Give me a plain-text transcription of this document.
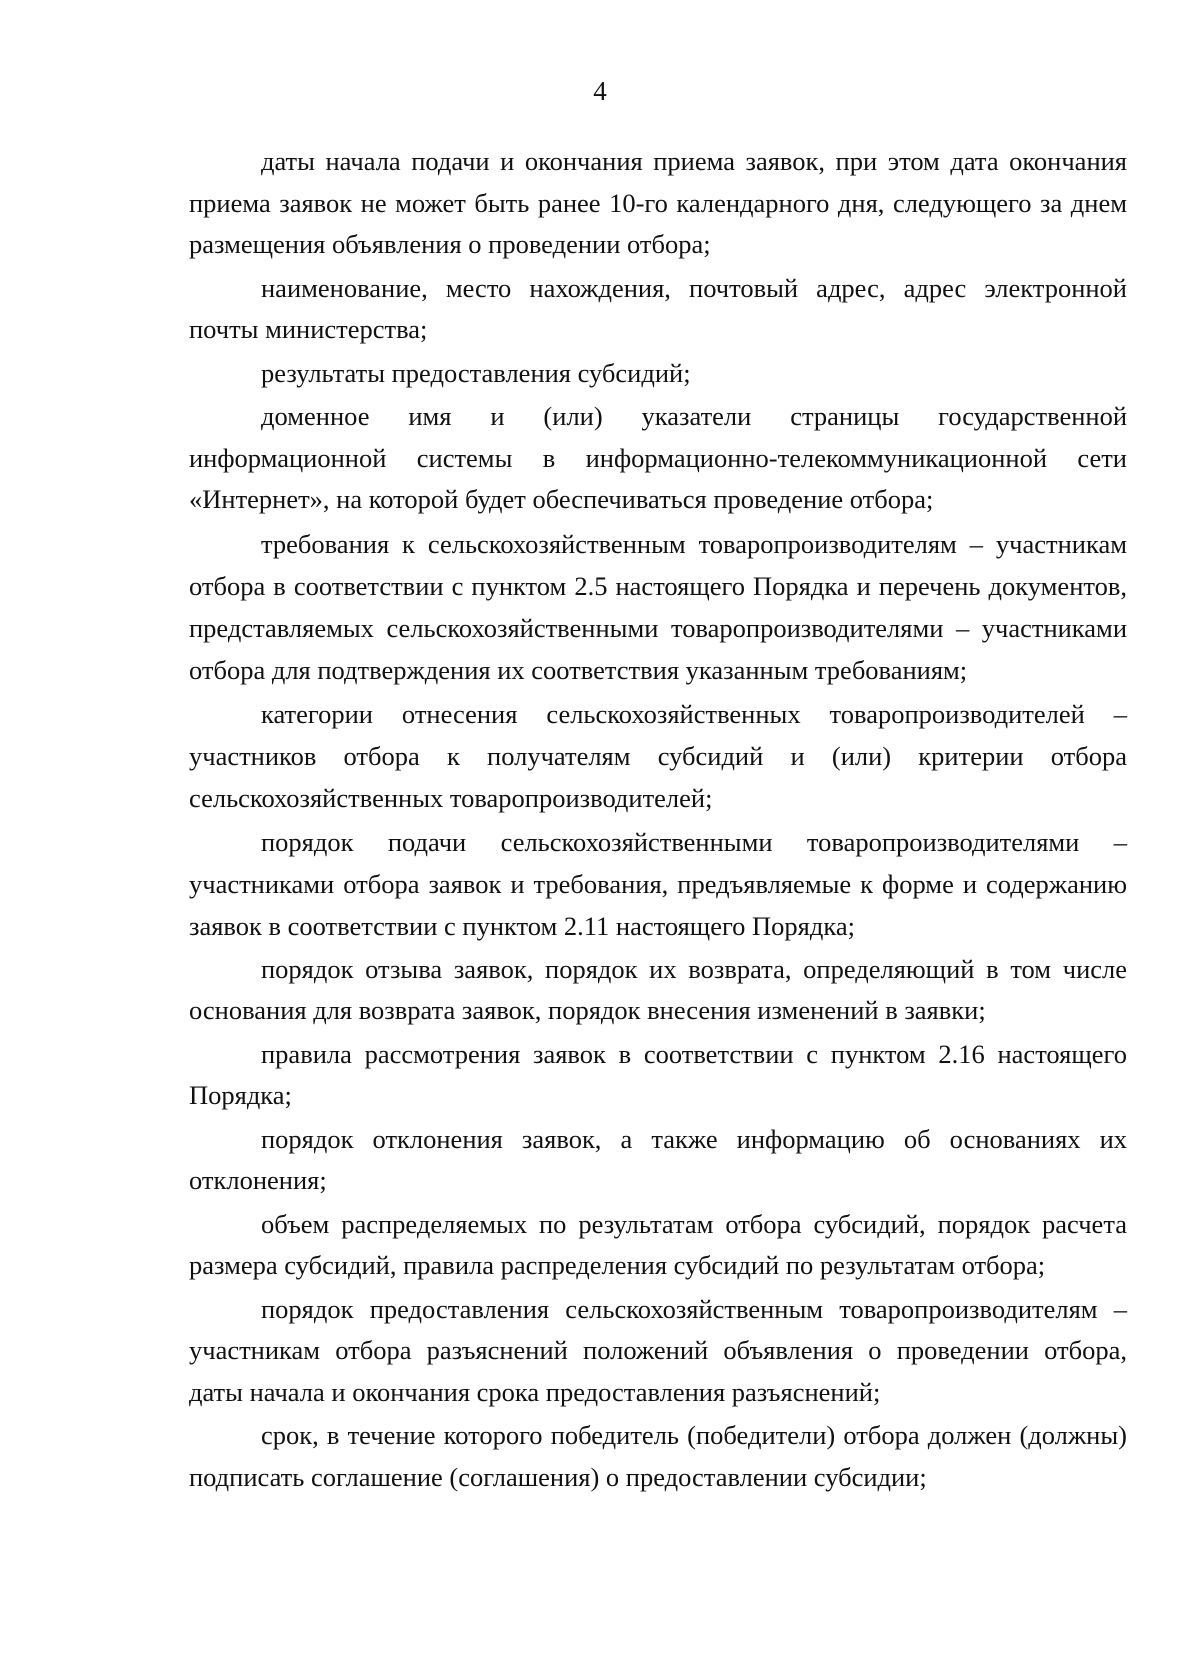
4

даты начала подачи и окончания приема заявок, при этом дата окончания приема заявок не может быть ранее 10-го календарного дня, следующего за днем размещения объявления о проведении отбора;

наименование, место нахождения, почтовый адрес, адрес электронной почты министерства;

результаты предоставления субсидий;

доменное имя и (или) указатели страницы государственной информационной системы в информационно-телекоммуникационной сети «Интернет», на которой будет обеспечиваться проведение отбора;

требования к сельскохозяйственным товаропроизводителям – участникам отбора в соответствии с пунктом 2.5 настоящего Порядка и перечень документов, представляемых сельскохозяйственными товаропроизводителями – участниками отбора для подтверждения их соответствия указанным требованиям;

категории отнесения сельскохозяйственных товаропроизводителей – участников отбора к получателям субсидий и (или) критерии отбора сельскохозяйственных товаропроизводителей;

порядок подачи сельскохозяйственными товаропроизводителями – участниками отбора заявок и требования, предъявляемые к форме и содержанию заявок в соответствии с пунктом 2.11 настоящего Порядка;

порядок отзыва заявок, порядок их возврата, определяющий в том числе основания для возврата заявок, порядок внесения изменений в заявки;

правила рассмотрения заявок в соответствии с пунктом 2.16 настоящего Порядка;

порядок отклонения заявок, а также информацию об основаниях их отклонения;

объем распределяемых по результатам отбора субсидий, порядок расчета размера субсидий, правила распределения субсидий по результатам отбора;

порядок предоставления сельскохозяйственным товаропроизводителям – участникам отбора разъяснений положений объявления о проведении отбора, даты начала и окончания срока предоставления разъяснений;

срок, в течение которого победитель (победители) отбора должен (должны) подписать соглашение (соглашения) о предоставлении субсидии;
